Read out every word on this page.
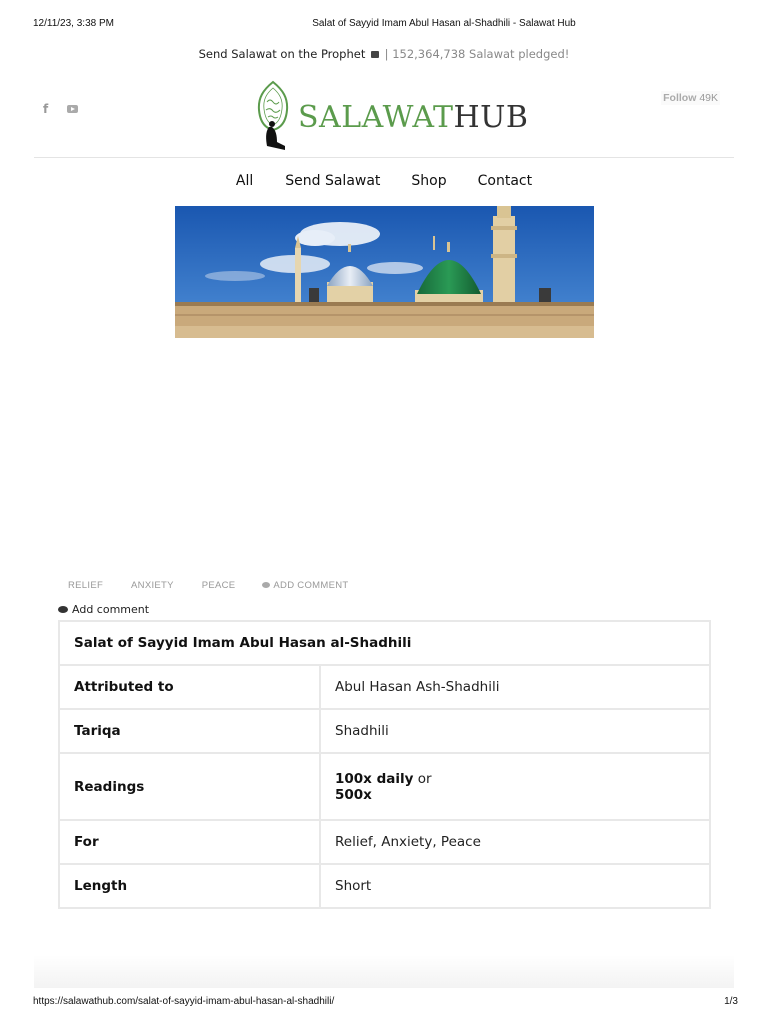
12/11/23, 3:38 PM	Salat of Sayyid Imam Abul Hasan al-Shadhili - Salawat Hub
Send Salawat on the Prophet | 152,364,738 Salawat pledged!
f
Follow 49K
SALAWATHUB
All Send Salawat Shop Contact
RELIEF	ANXIETY	PEACE	ADD COMMENT
Add comment
Salat of Sayyid Imam Abul Hasan al-Shadhili	
Attributed to	Abul Hasan Ash-Shadhili
Tariqa	Shadhili
Readings	100x daily or
500x
For	Relief, Anxiety, Peace
Length	Short
https://salawathub.com/salat-of-sayyid-imam-abul-hasan-al-shadhili/	1/3
